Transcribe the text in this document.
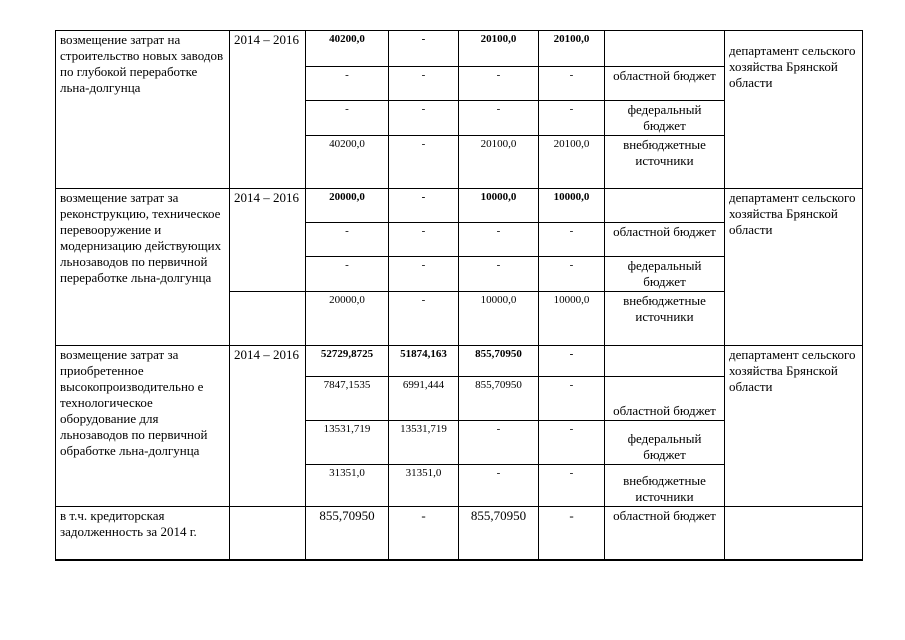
возмещение затрат на строительство новых заводов по глубокой переработке льна-долгунца	2014 – 2016	40200,0	-	20100,0	20100,0		департамент сельского хозяйства Брянской области
		-	-	-	-	областной бюджет	
		-	-	-	-	федеральный бюджет	
		40200,0	-	20100,0	20100,0	внебюджетные источники	
возмещение затрат за реконструкцию, техническое перевооружение и модернизацию действующих льнозаводов по первичной переработке льна-долгунца	2014 – 2016	20000,0	-	10000,0	10000,0		департамент сельского хозяйства Брянской области
		-	-	-	-	областной бюджет	
		-	-	-	-	федеральный бюджет	
		20000,0	-	10000,0	10000,0	внебюджетные источники	
возмещение затрат за приобретенное высокопроизводительно е технологическое оборудование для льнозаводов по первичной обработке льна-долгунца	2014 – 2016	52729,8725	51874,163	855,70950	-		департамент сельского хозяйства Брянской области
		7847,1535	6991,444	855,70950	-	областной бюджет	
		13531,719	13531,719	-	-	федеральный бюджет	
		31351,0	31351,0	-	-	внебюджетные источники	
в т.ч. кредиторская задолженность за 2014 г.		855,70950	-	855,70950	-	областной бюджет	
